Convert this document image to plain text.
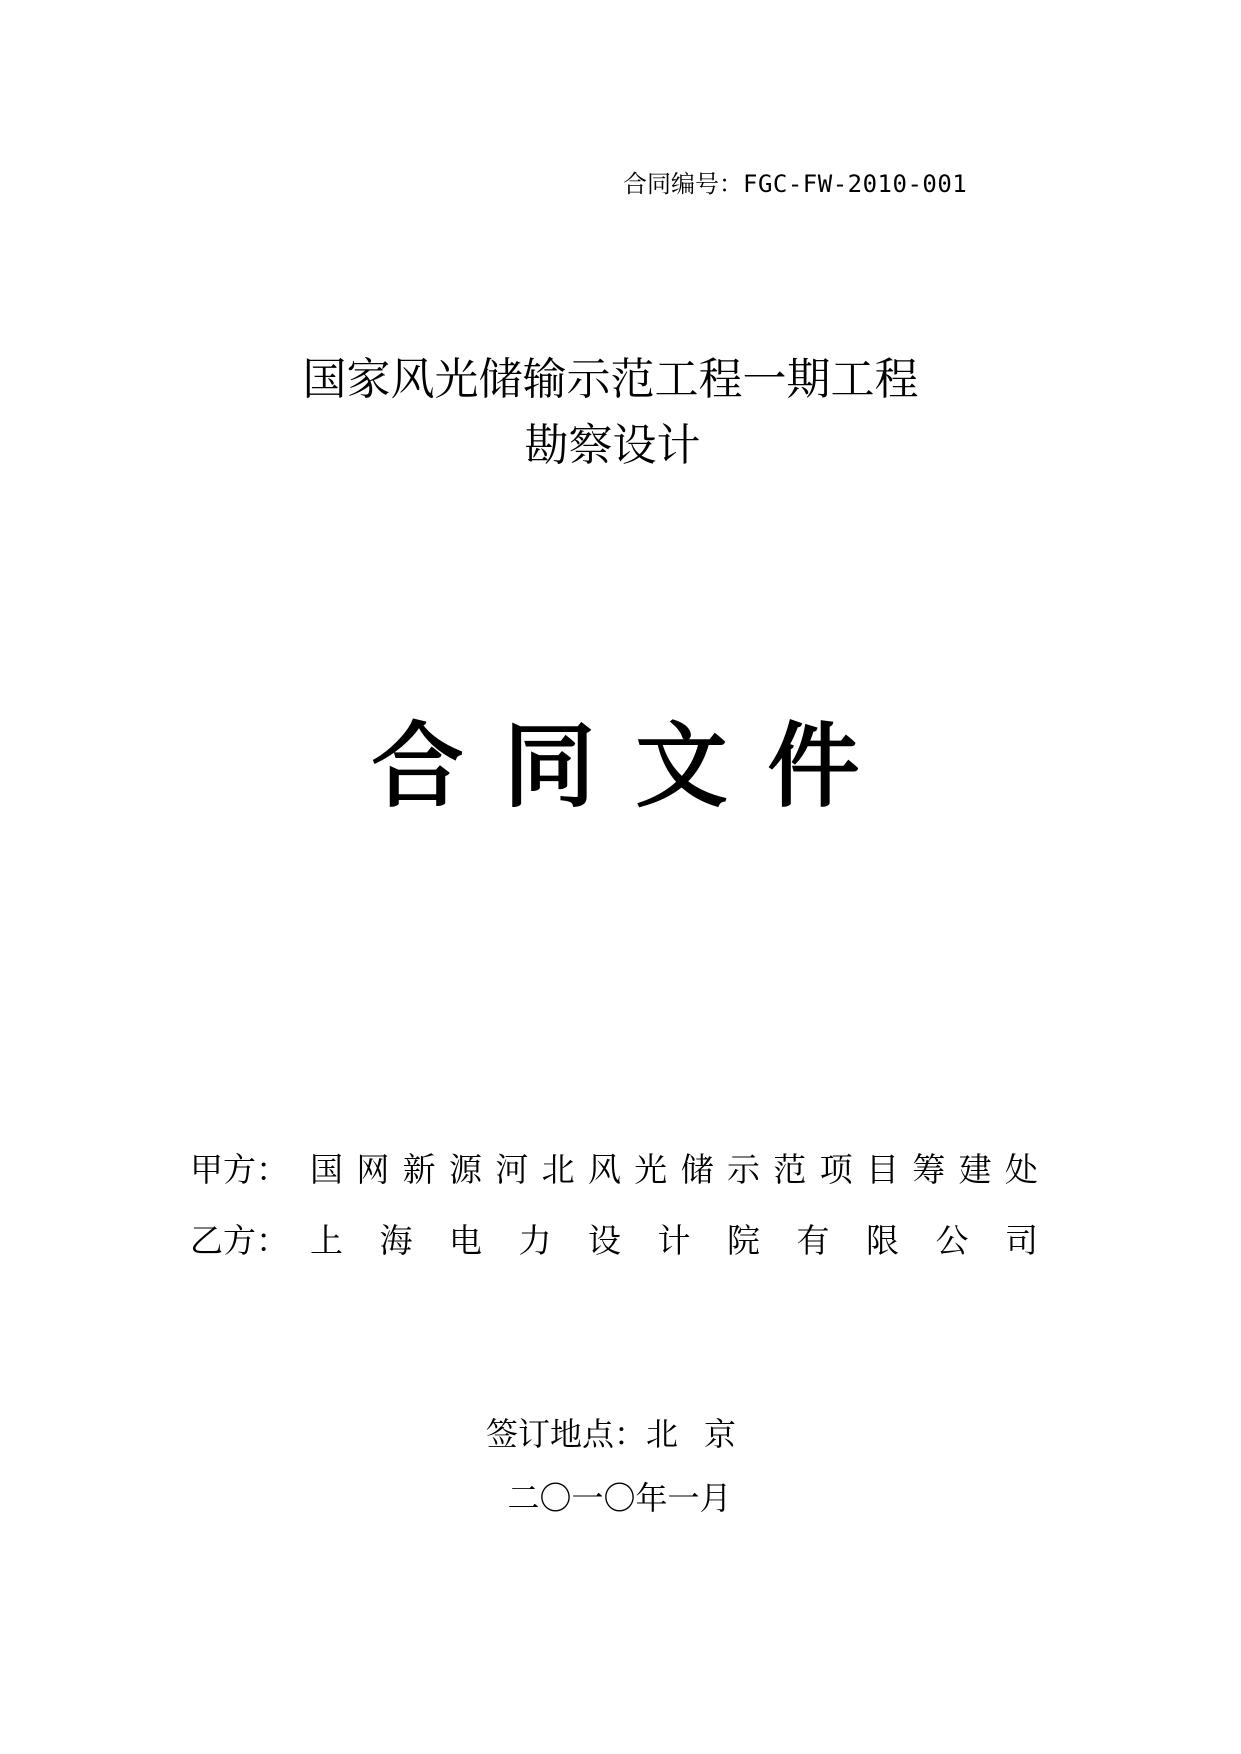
合同编号：FGC-FW-2010-001
国家风光储输示范工程一期工程
勘察设计
合同文件
甲方： 国 网 新 源 河 北 风 光 储 示 范 项 目 筹 建 处
乙方： 上 海 电 力 设 计 院 有 限 公 司
签订地点：北京
二〇一〇年一月
